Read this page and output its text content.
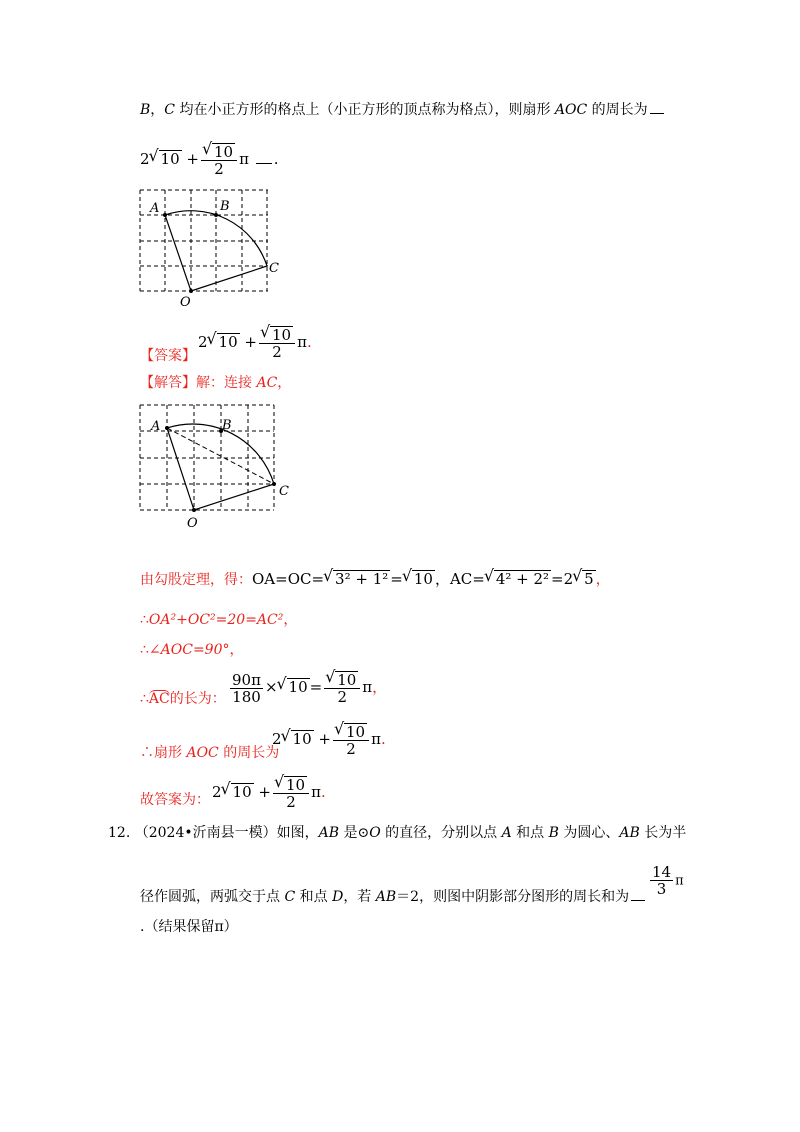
B，C 均在小正方形的格点上（小正方形的顶点称为格点），则扇形 AOC 的周长为
2 √ 10 + √ $\frac{10}{2}$ π .
A	B
C
O
【答案】
2 √ 10 + √ $\frac{10}{2} \pi$.
【解答】解：连接 AC，
A	B
C
O
由勾股定理，得：OA=OC= √ 3² + 1² = √ 10 ，AC= √ 4² + 2² =2 √ 5 ，
∴OA²+OC²=20=AC²，
∴∠AOC=90°，
∴AC的长为： $\frac{90\pi}{180}$ × √ 10 = √ $\frac{10}{2}$ π，
∴扇形 AOC 的周长为
2 √ 10 + √ $\frac{10}{2} \pi$.
故答案为： 2 √ 10 + √ $\frac{10}{2} \pi$.
12. （2024•沂南县一模）如图，AB 是⊙O 的直径，分别以点 A 和点 B 为圆心、AB 长为半
径作圆弧，两弧交于点 C 和点 D，若 AB＝2，则图中阴影部分图形的周长和为	$\frac{14}{3}$ π
.（结果保留π）
